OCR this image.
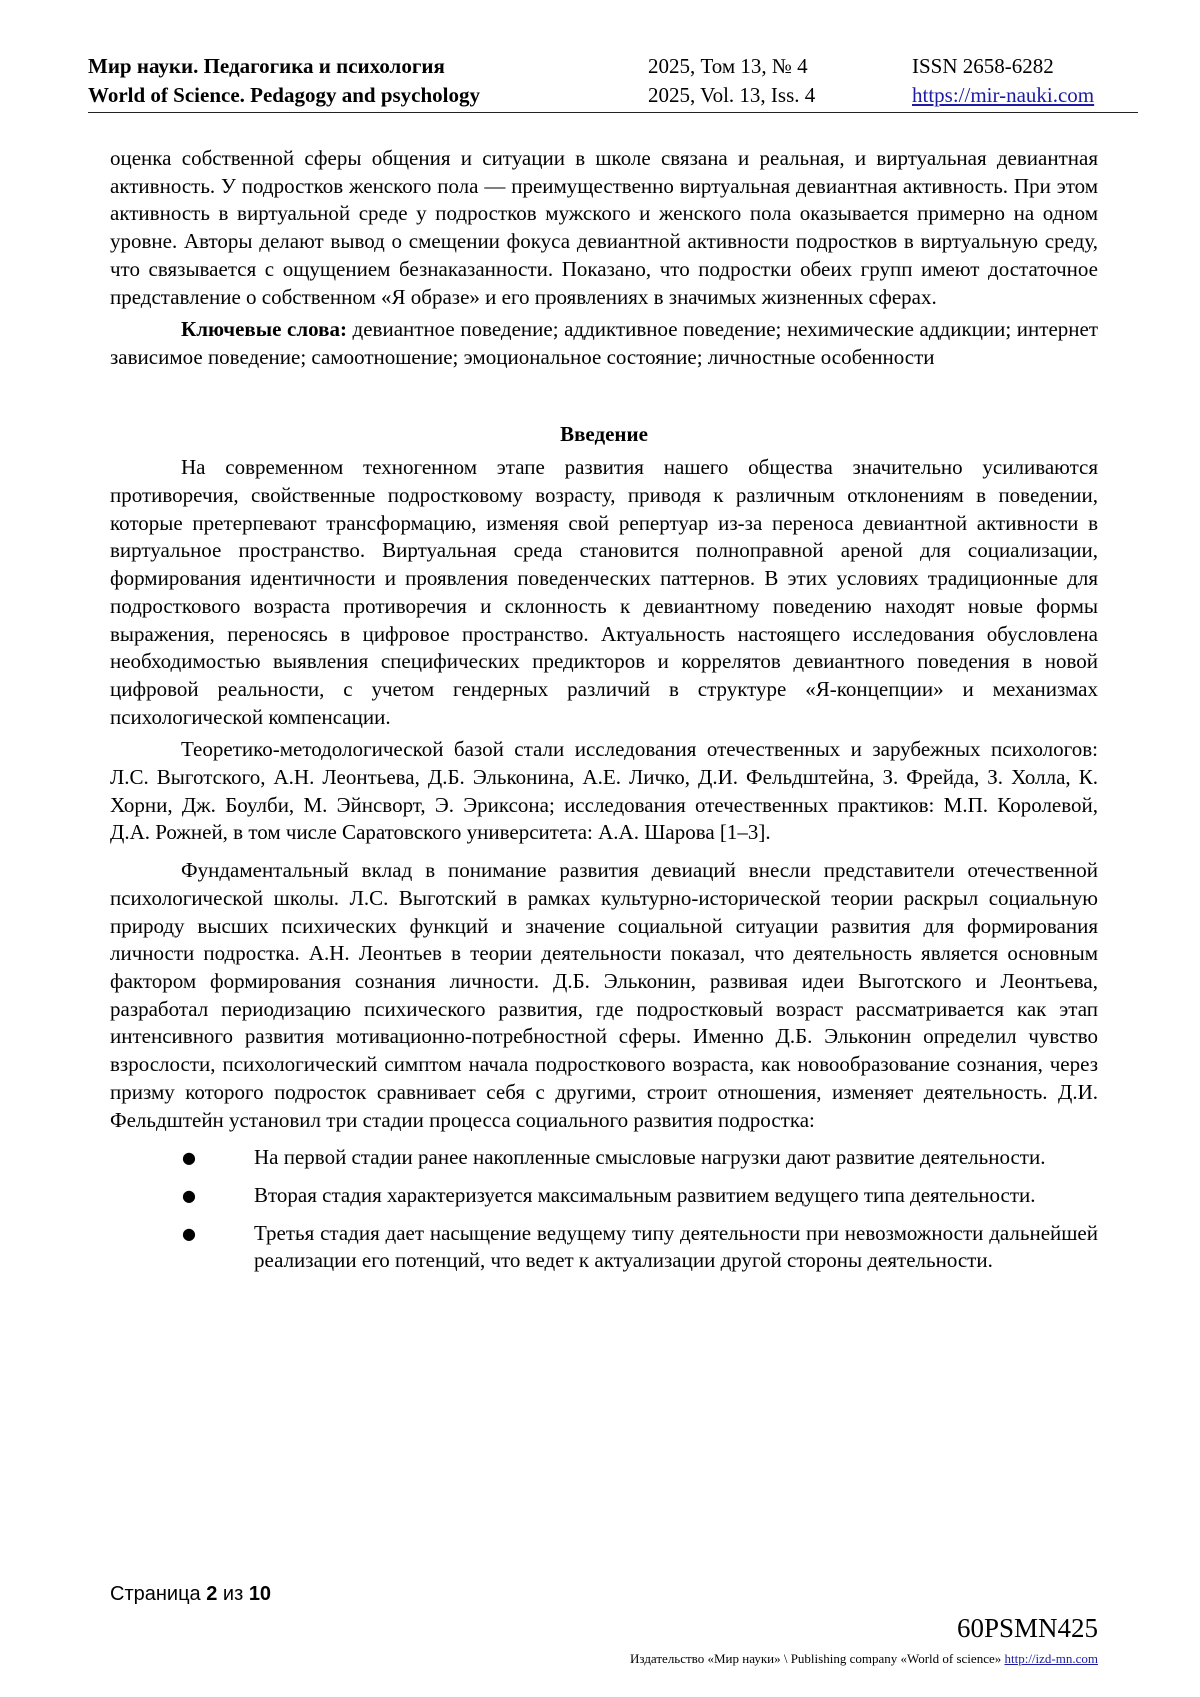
Мир науки. Педагогика и психология
World of Science. Pedagogy and psychology
2025, Том 13, № 4
2025, Vol. 13, Iss. 4
ISSN 2658-6282
https://mir-nauki.com

оценка собственной сферы общения и ситуации в школе связана и реальная, и виртуальная девиантная активность. У подростков женского пола — преимущественно виртуальная девиантная активность. При этом активность в виртуальной среде у подростков мужского и женского пола оказывается примерно на одном уровне. Авторы делают вывод о смещении фокуса девиантной активности подростков в виртуальную среду, что связывается с ощущением безнаказанности. Показано, что подростки обеих групп имеют достаточное представление о собственном «Я образе» и его проявлениях в значимых жизненных сферах.

Ключевые слова: девиантное поведение; аддиктивное поведение; нехимические аддикции; интернет зависимое поведение; самоотношение; эмоциональное состояние; личностные особенности

Введение

На современном техногенном этапе развития нашего общества значительно усиливаются противоречия, свойственные подростковому возрасту, приводя к различным отклонениям в поведении, которые претерпевают трансформацию, изменяя свой репертуар из-за переноса девиантной активности в виртуальное пространство. Виртуальная среда становится полноправной ареной для социализации, формирования идентичности и проявления поведенческих паттернов. В этих условиях традиционные для подросткового возраста противоречия и склонность к девиантному поведению находят новые формы выражения, переносясь в цифровое пространство. Актуальность настоящего исследования обусловлена необходимостью выявления специфических предикторов и коррелятов девиантного поведения в новой цифровой реальности, с учетом гендерных различий в структуре «Я-концепции» и механизмах психологической компенсации.

Теоретико-методологической базой стали исследования отечественных и зарубежных психологов: Л.С. Выготского, А.Н. Леонтьева, Д.Б. Эльконина, А.Е. Личко, Д.И. Фельдштейна, З. Фрейда, З. Холла, К. Хорни, Дж. Боулби, М. Эйнсворт, Э. Эриксона; исследования отечественных практиков: М.П. Королевой, Д.А. Рожней, в том числе Саратовского университета: А.А. Шарова [1–3].

Фундаментальный вклад в понимание развития девиаций внесли представители отечественной психологической школы. Л.С. Выготский в рамках культурно-исторической теории раскрыл социальную природу высших психических функций и значение социальной ситуации развития для формирования личности подростка. А.Н. Леонтьев в теории деятельности показал, что деятельность является основным фактором формирования сознания личности. Д.Б. Эльконин, развивая идеи Выготского и Леонтьева, разработал периодизацию психического развития, где подростковый возраст рассматривается как этап интенсивного развития мотивационно-потребностной сферы. Именно Д.Б. Эльконин определил чувство взрослости, психологический симптом начала подросткового возраста, как новообразование сознания, через призму которого подросток сравнивает себя с другими, строит отношения, изменяет деятельность. Д.И. Фельдштейн установил три стадии процесса социального развития подростка:

●	На первой стадии ранее накопленные смысловые нагрузки дают развитие деятельности.
●	Вторая стадия характеризуется максимальным развитием ведущего типа деятельности.
●	Третья стадия дает насыщение ведущему типу деятельности при невозможности дальнейшей реализации его потенций, что ведет к актуализации другой стороны деятельности.
Страница 2 из 10
60PSMN425
Издательство «Мир науки» \ Publishing company «World of science» http://izd-mn.com
